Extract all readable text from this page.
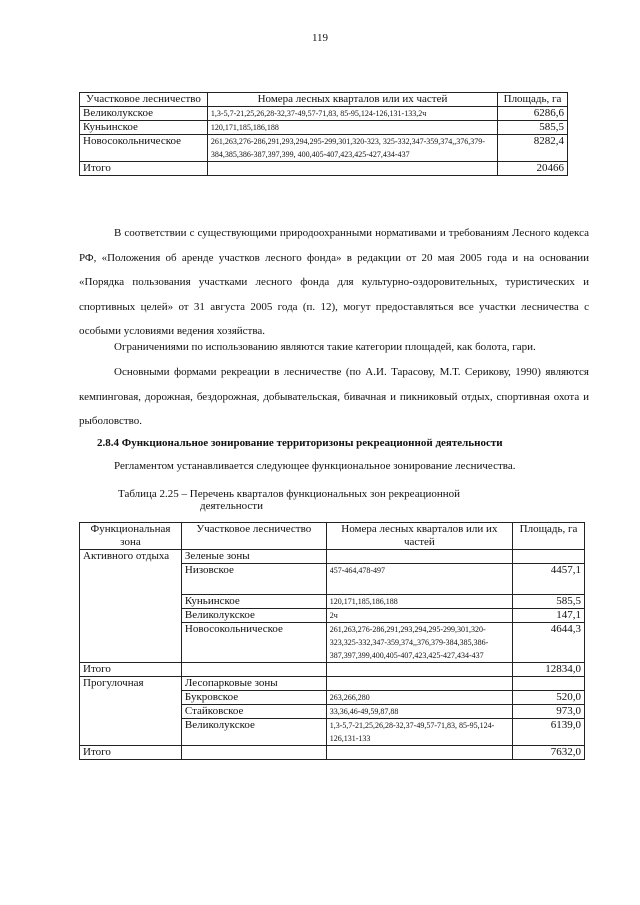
119
Участковое лесничество	Номера лесных кварталов или их частей	Площадь, га
Великолукское	1,3-5,7-21,25,26,28-32,37-49,57-71,83, 85-95,124-126,131-133,2ч	6286,6
Куньинское	120,171,185,186,188	585,5
Новосокольническое	261,263,276-286,291,293,294,295-299,301,320-323, 325-332,347-359,374,,376,379-384,385,386-387,397,399, 400,405-407,423,425-427,434-437	8282,4
Итого		20466

В соответствии с существующими природоохранными нормативами и требованиям Лесного кодекса РФ, «Положения об аренде участков лесного фонда» в редакции от 20 мая 2005 года и на основании «Порядка пользования участками лесного фонда для культурно-оздоровительных, туристических и спортивных целей» от 31 августа 2005 года (п. 12), могут предоставляться все участки лесничества с особыми условиями ведения хозяйства.

Ограничениями по использованию являются такие категории площадей, как болота, гари.

Основными формами рекреации в лесничестве (по А.И. Тарасову, М.Т. Серикову, 1990) являются кемпинговая, дорожная, бездорожная, добывательская, бивачная и пикниковый отдых, спортивная охота и рыболовство.

2.8.4 Функциональное зонирование территоризоны рекреационной деятельности

Регламентом устанавливается следующее функциональное зонирование лесничества.

Таблица 2.25 – Перечень кварталов функциональных зон рекреационной
деятельности
Функциональная зона	Участковое лесничество	Номера лесных кварталов или их частей	Площадь, га
Активного отдыха	Зеленые зоны		
	Низовское	457-464,478-497	4457,1
	Куньинское	120,171,185,186,188	585,5
	Великолукское	2ч	147,1
	Новосокольническое	261,263,276-286,291,293,294,295-299,301,320-323,325-332,347-359,374,,376,379-384,385,386-387,397,399,400,405-407,423,425-427,434-437	4644,3
Итого			12834,0
Прогулочная	Лесопарковые зоны		
	Букровское	263,266,280	520,0
	Стайковское	33,36,46-49,59,87,88	973,0
	Великолукское	1,3-5,7-21,25,26,28-32,37-49,57-71,83, 85-95,124-126,131-133	6139,0
Итого			7632,0
